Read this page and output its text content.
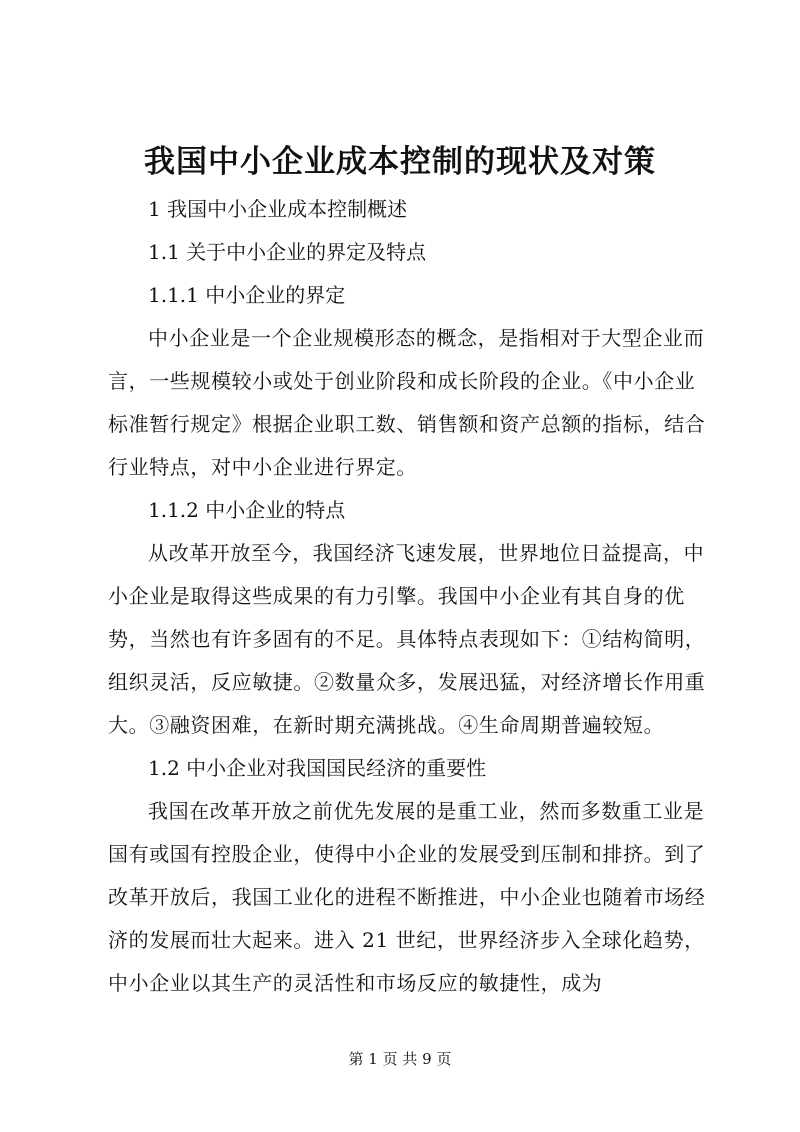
我国中小企业成本控制的现状及对策

1 我国中小企业成本控制概述

1.1 关于中小企业的界定及特点

1.1.1 中小企业的界定

中小企业是一个企业规模形态的概念，是指相对于大型企业而言，一些规模较小或处于创业阶段和成长阶段的企业。《中小企业标准暂行规定》根据企业职工数、销售额和资产总额的指标，结合行业特点，对中小企业进行界定。

1.1.2 中小企业的特点

从改革开放至今，我国经济飞速发展，世界地位日益提高，中小企业是取得这些成果的有力引擎。我国中小企业有其自身的优势，当然也有许多固有的不足。具体特点表现如下：①结构简明，组织灵活，反应敏捷。②数量众多，发展迅猛，对经济增长作用重大。③融资困难，在新时期充满挑战。④生命周期普遍较短。

1.2 中小企业对我国国民经济的重要性

我国在改革开放之前优先发展的是重工业，然而多数重工业是国有或国有控股企业，使得中小企业的发展受到压制和排挤。到了改革开放后，我国工业化的进程不断推进，中小企业也随着市场经济的发展而壮大起来。进入 21 世纪，世界经济步入全球化趋势，中小企业以其生产的灵活性和市场反应的敏捷性，成为

第 1 页 共 9 页
